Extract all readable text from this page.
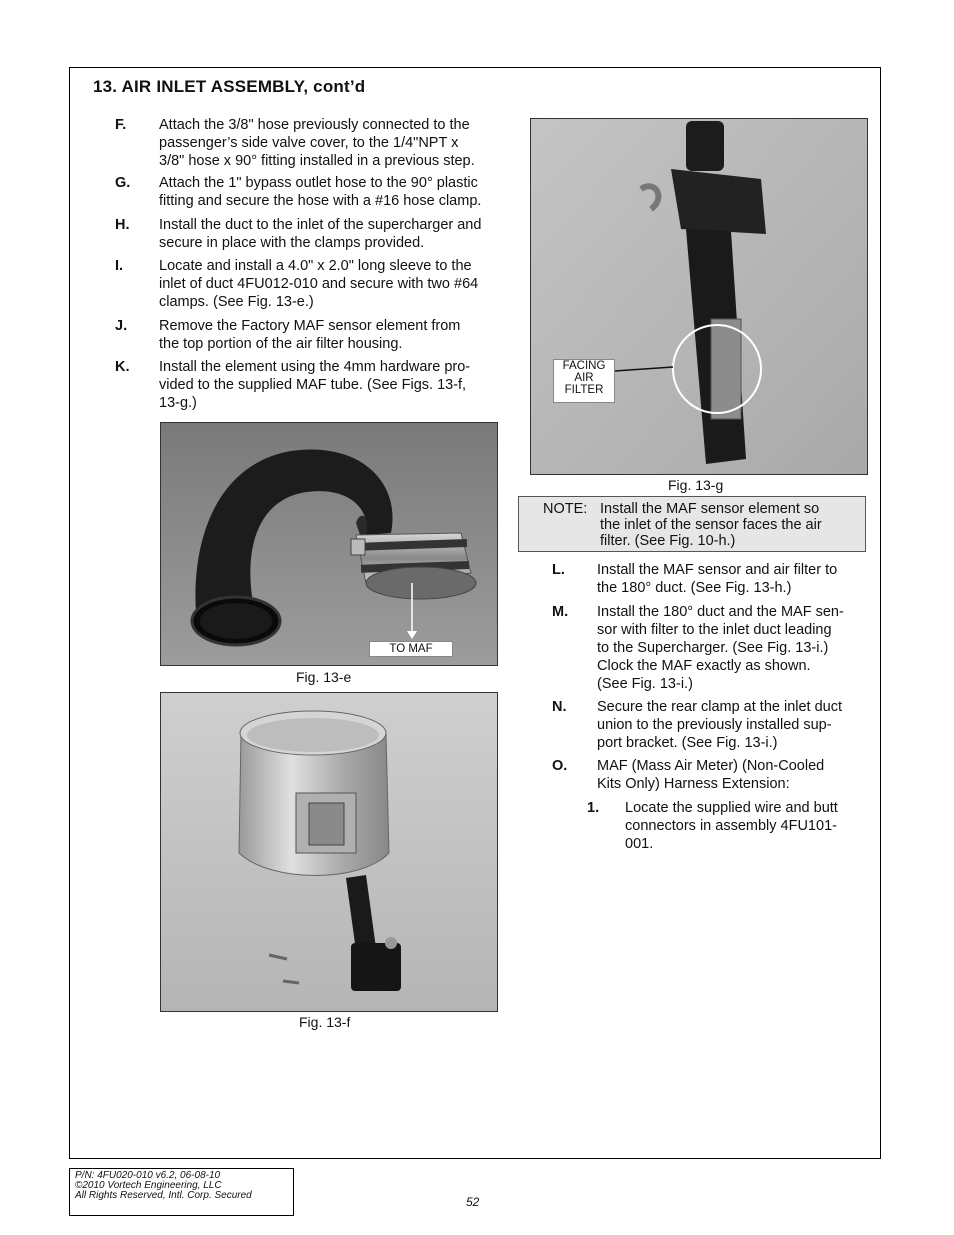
13. AIR INLET ASSEMBLY, cont’d
F. Attach the 3/8" hose previously connected to the
passenger’s side valve cover, to the 1/4"NPT x
3/8" hose x 90° fitting installed in a previous step.
G. Attach the 1" bypass outlet hose to the 90° plastic
fitting and secure the hose with a #16 hose clamp.
H. Install the duct to the inlet of the supercharger and
secure in place with the clamps provided.
I. Locate and install a 4.0" x 2.0" long sleeve to the
inlet of duct 4FU012-010 and secure with two #64
clamps. (See Fig. 13-e.)
J. Remove the Factory MAF sensor element from
the top portion of the air filter housing.
K. Install the element using the 4mm hardware pro-
vided to the supplied MAF tube. (See Figs. 13-f,
13-g.)
TO MAF
Fig. 13-e
Fig. 13-f
FACING
AIR
FILTER
Fig. 13-g
NOTE: Install the MAF sensor element so
the inlet of the sensor faces the air
filter. (See Fig. 10-h.)
L. Install the MAF sensor and air filter to
the 180° duct. (See Fig. 13-h.)
M. Install the 180° duct and the MAF sen-
sor with filter to the inlet duct leading
to the Supercharger. (See Fig. 13-i.)
Clock the MAF exactly as shown.
(See Fig. 13-i.)
N. Secure the rear clamp at the inlet duct
union to the previously installed sup-
port bracket. (See Fig. 13-i.)
O. MAF (Mass Air Meter) (Non-Cooled
Kits Only) Harness Extension:
1. Locate the supplied wire and butt
connectors in assembly 4FU101-
001.
P/N: 4FU020-010 v6.2, 06-08-10
©2010 Vortech Engineering, LLC
All Rights Reserved, Intl. Corp. Secured	52
